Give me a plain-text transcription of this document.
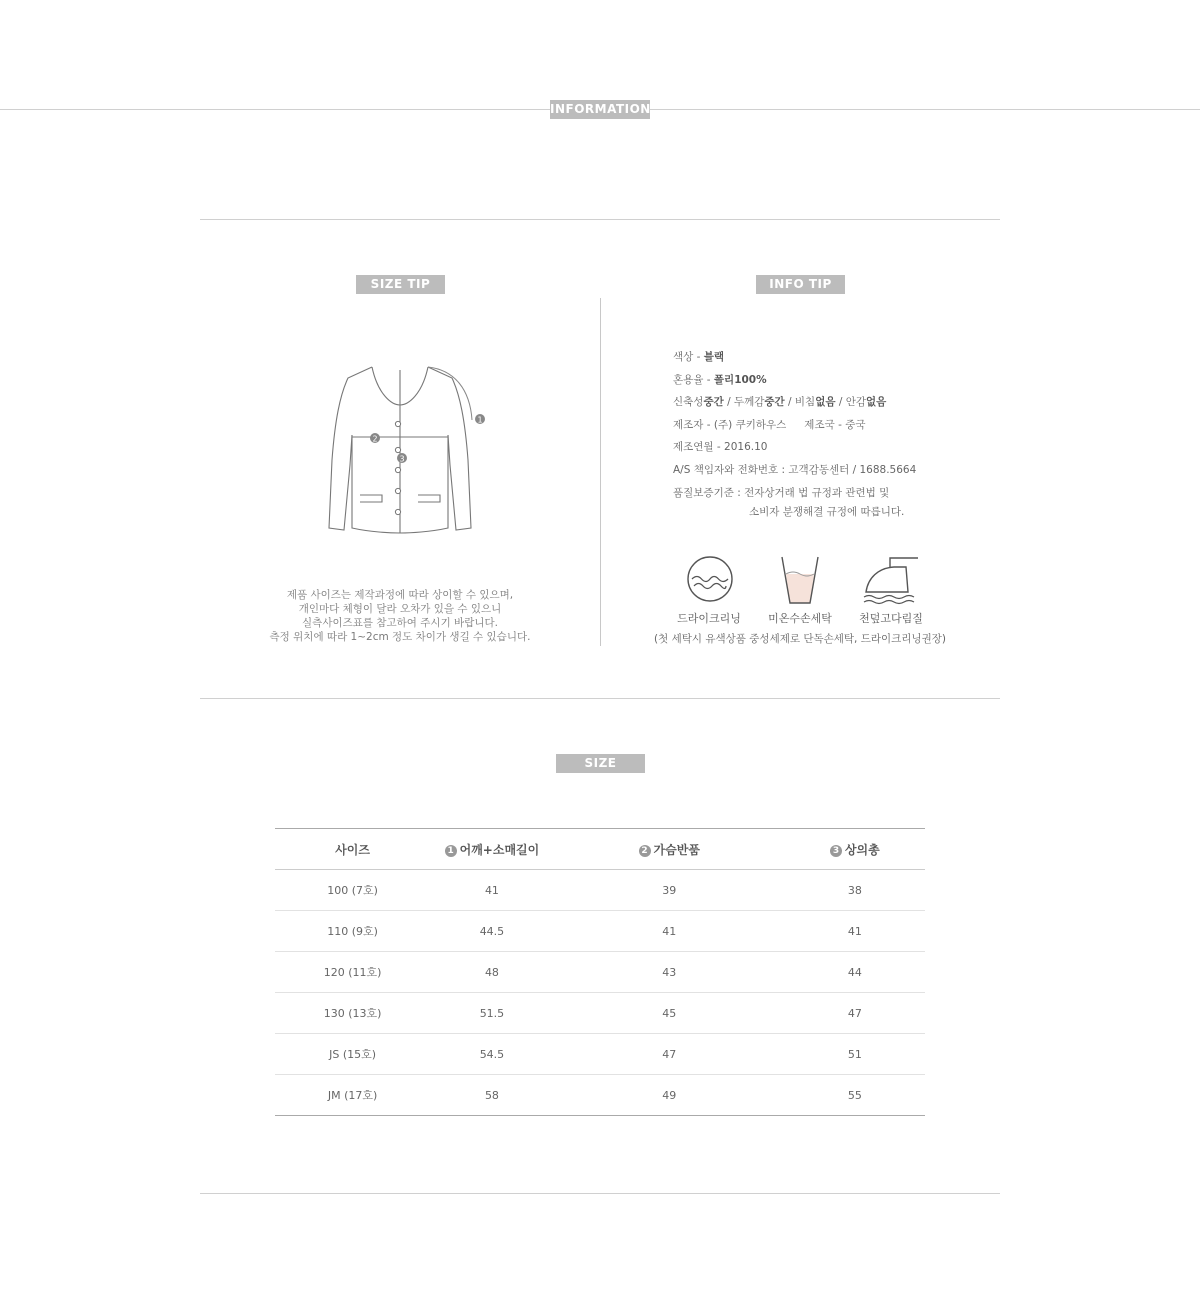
INFORMATION
SIZE TIP
1
2
3
제품 사이즈는 제작과정에 따라 상이할 수 있으며,
개인마다 체형이 달라 오차가 있을 수 있으니
실측사이즈표를 참고하여 주시기 바랍니다.
측정 위치에 따라 1~2cm 정도 차이가 생길 수 있습니다.
INFO TIP
색상 - 블랙
혼용율 - 폴리100%
신축성중간 / 두께감중간 / 비침없음 / 안감없음
제조자 - (주) 쿠키하우스 제조국 - 중국
제조연월 - 2016.10
A/S 책임자와 전화번호 : 고객감동센터 / 1688.5664
품질보증기준 : 전자상거래 법 규정과 관련법 및
소비자 분쟁해결 규정에 따릅니다.
드라이크리닝	미온수손세탁	천덮고다림질
(첫 세탁시 유색상품 중성세제로 단독손세탁, 드라이크리닝권장)
SIZE
사이즈	1 어깨+소매길이	2 가슴반품	3 상의총
100 (7호)	41	39	38
110 (9호)	44.5	41	41
120 (11호)	48	43	44
130 (13호)	51.5	45	47
JS (15호)	54.5	47	51
JM (17호)	58	49	55
